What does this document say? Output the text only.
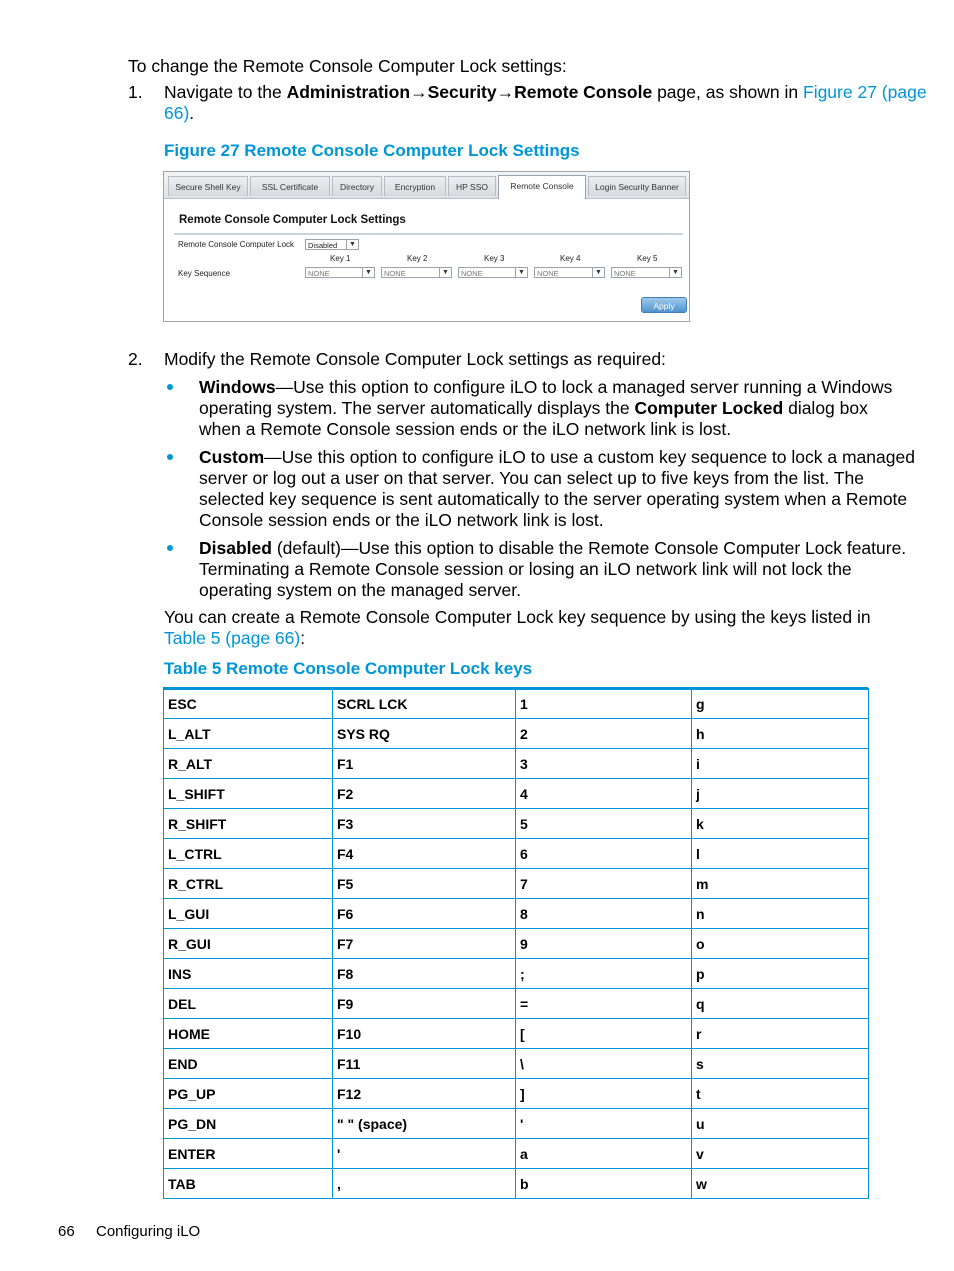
To change the Remote Console Computer Lock settings:
1. Navigate to the Administration→Security→Remote Console page, as shown in Figure 27 (page
66).
Figure 27 Remote Console Computer Lock Settings
Secure Shell Key	SSL Certificate	Directory	Encryption	HP SSO	Remote Console	Login Security Banner
Remote Console Computer Lock Settings
Remote Console Computer Lock	Disabled	▼
Key 1	Key 2	Key 3	Key 4	Key 5
Key Sequence	NONE	▼	NONE	▼	NONE	▼	NONE	▼	NONE	▼
Apply
2. Modify the Remote Console Computer Lock settings as required:
Windows—Use this option to configure iLO to lock a managed server running a Windows
operating system. The server automatically displays the Computer Locked dialog box
when a Remote Console session ends or the iLO network link is lost.
Custom—Use this option to configure iLO to use a custom key sequence to lock a managed
server or log out a user on that server. You can select up to five keys from the list. The
selected key sequence is sent automatically to the server operating system when a Remote
Console session ends or the iLO network link is lost.
Disabled (default)—Use this option to disable the Remote Console Computer Lock feature.
Terminating a Remote Console session or losing an iLO network link will not lock the
operating system on the managed server.
You can create a Remote Console Computer Lock key sequence by using the keys listed in
Table 5 (page 66):
Table 5 Remote Console Computer Lock keys
ESC	SCRL LCK	1	g
L_ALT	SYS RQ	2	h
R_ALT	F1	3	i
L_SHIFT	F2	4	j
R_SHIFT	F3	5	k
L_CTRL	F4	6	l
R_CTRL	F5	7	m
L_GUI	F6	8	n
R_GUI	F7	9	o
INS	F8	;	p
DEL	F9	=	q
HOME	F10	[	r
END	F11	\	s
PG_UP	F12	]	t
PG_DN	" " (space)	'	u
ENTER	'	a	v
TAB	,	b	w
66 Configuring iLO
